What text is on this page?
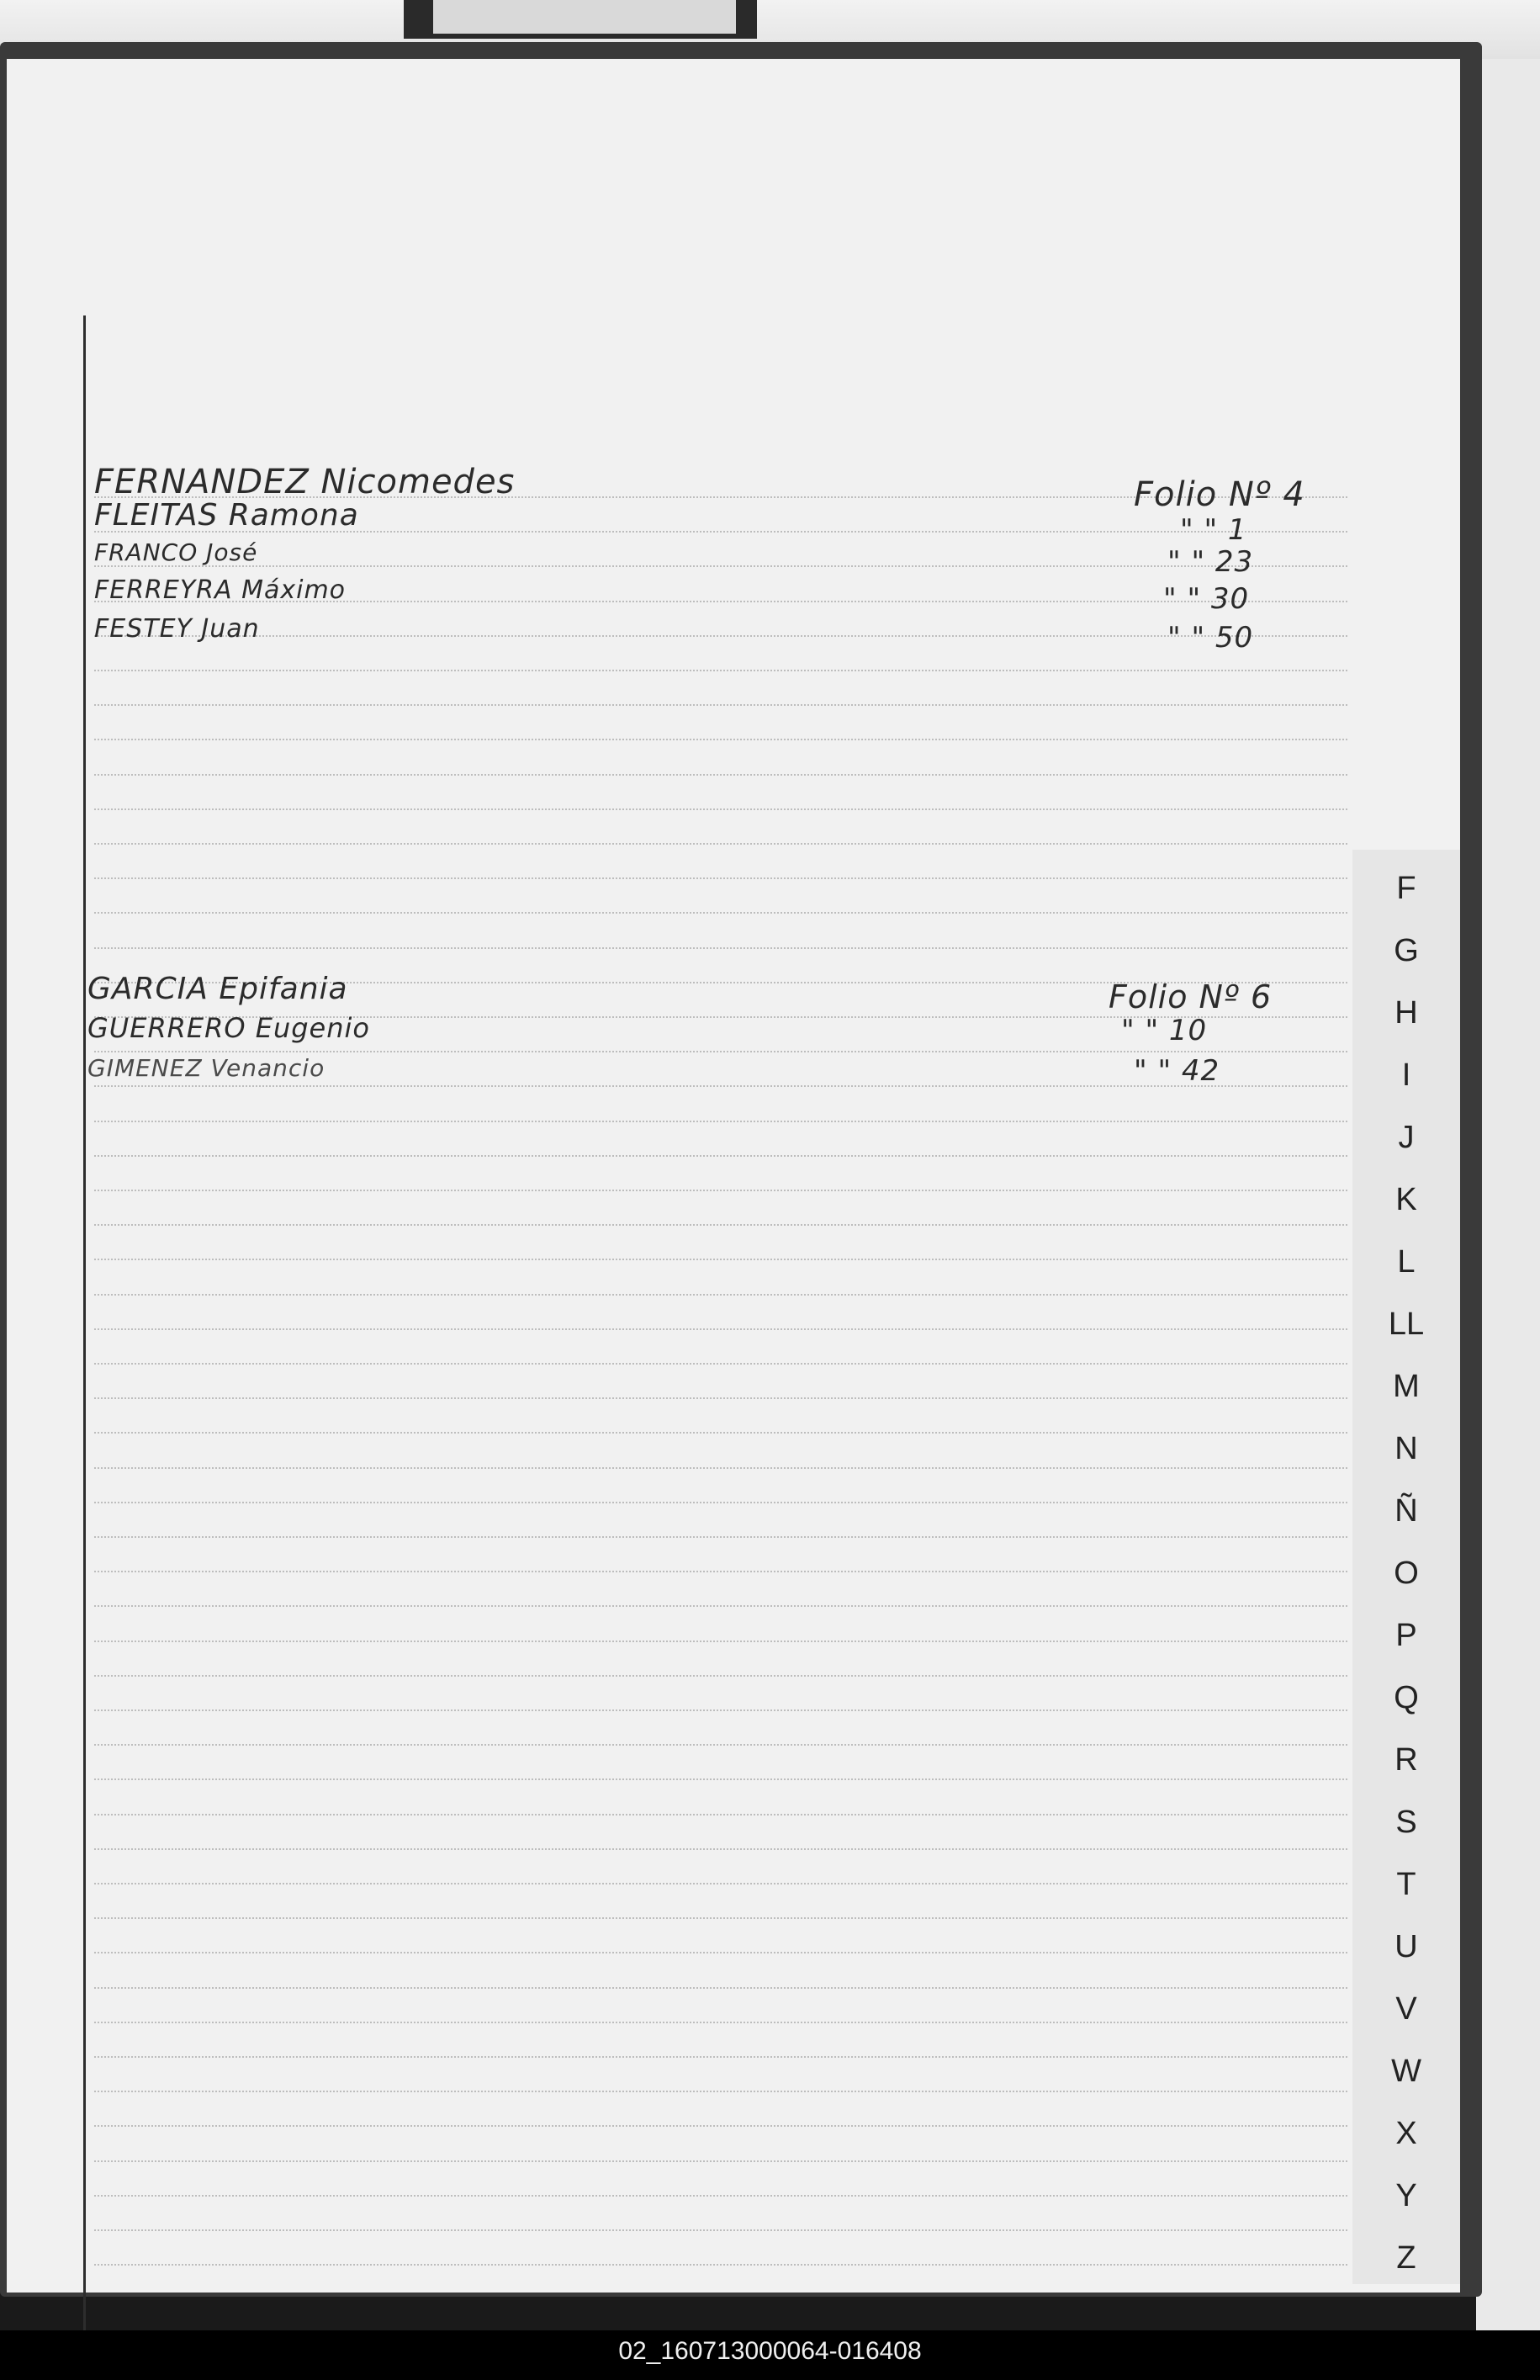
FERNANDEZ Nicomedes	Folio Nº 4
FLEITAS Ramona	" " 1
FRANCO José	" " 23
FERREYRA Máximo	" " 30
FESTEY Juan	" " 50
GARCIA Epifania	Folio Nº 6
GUERRERO Eugenio	" " 10
GIMENEZ Venancio	" " 42
F
G
H
I
J
K
L
LL
M
N
Ñ
O
P
Q
R
S
T
U
V
W
X
Y
Z
02_160713000064-016408
